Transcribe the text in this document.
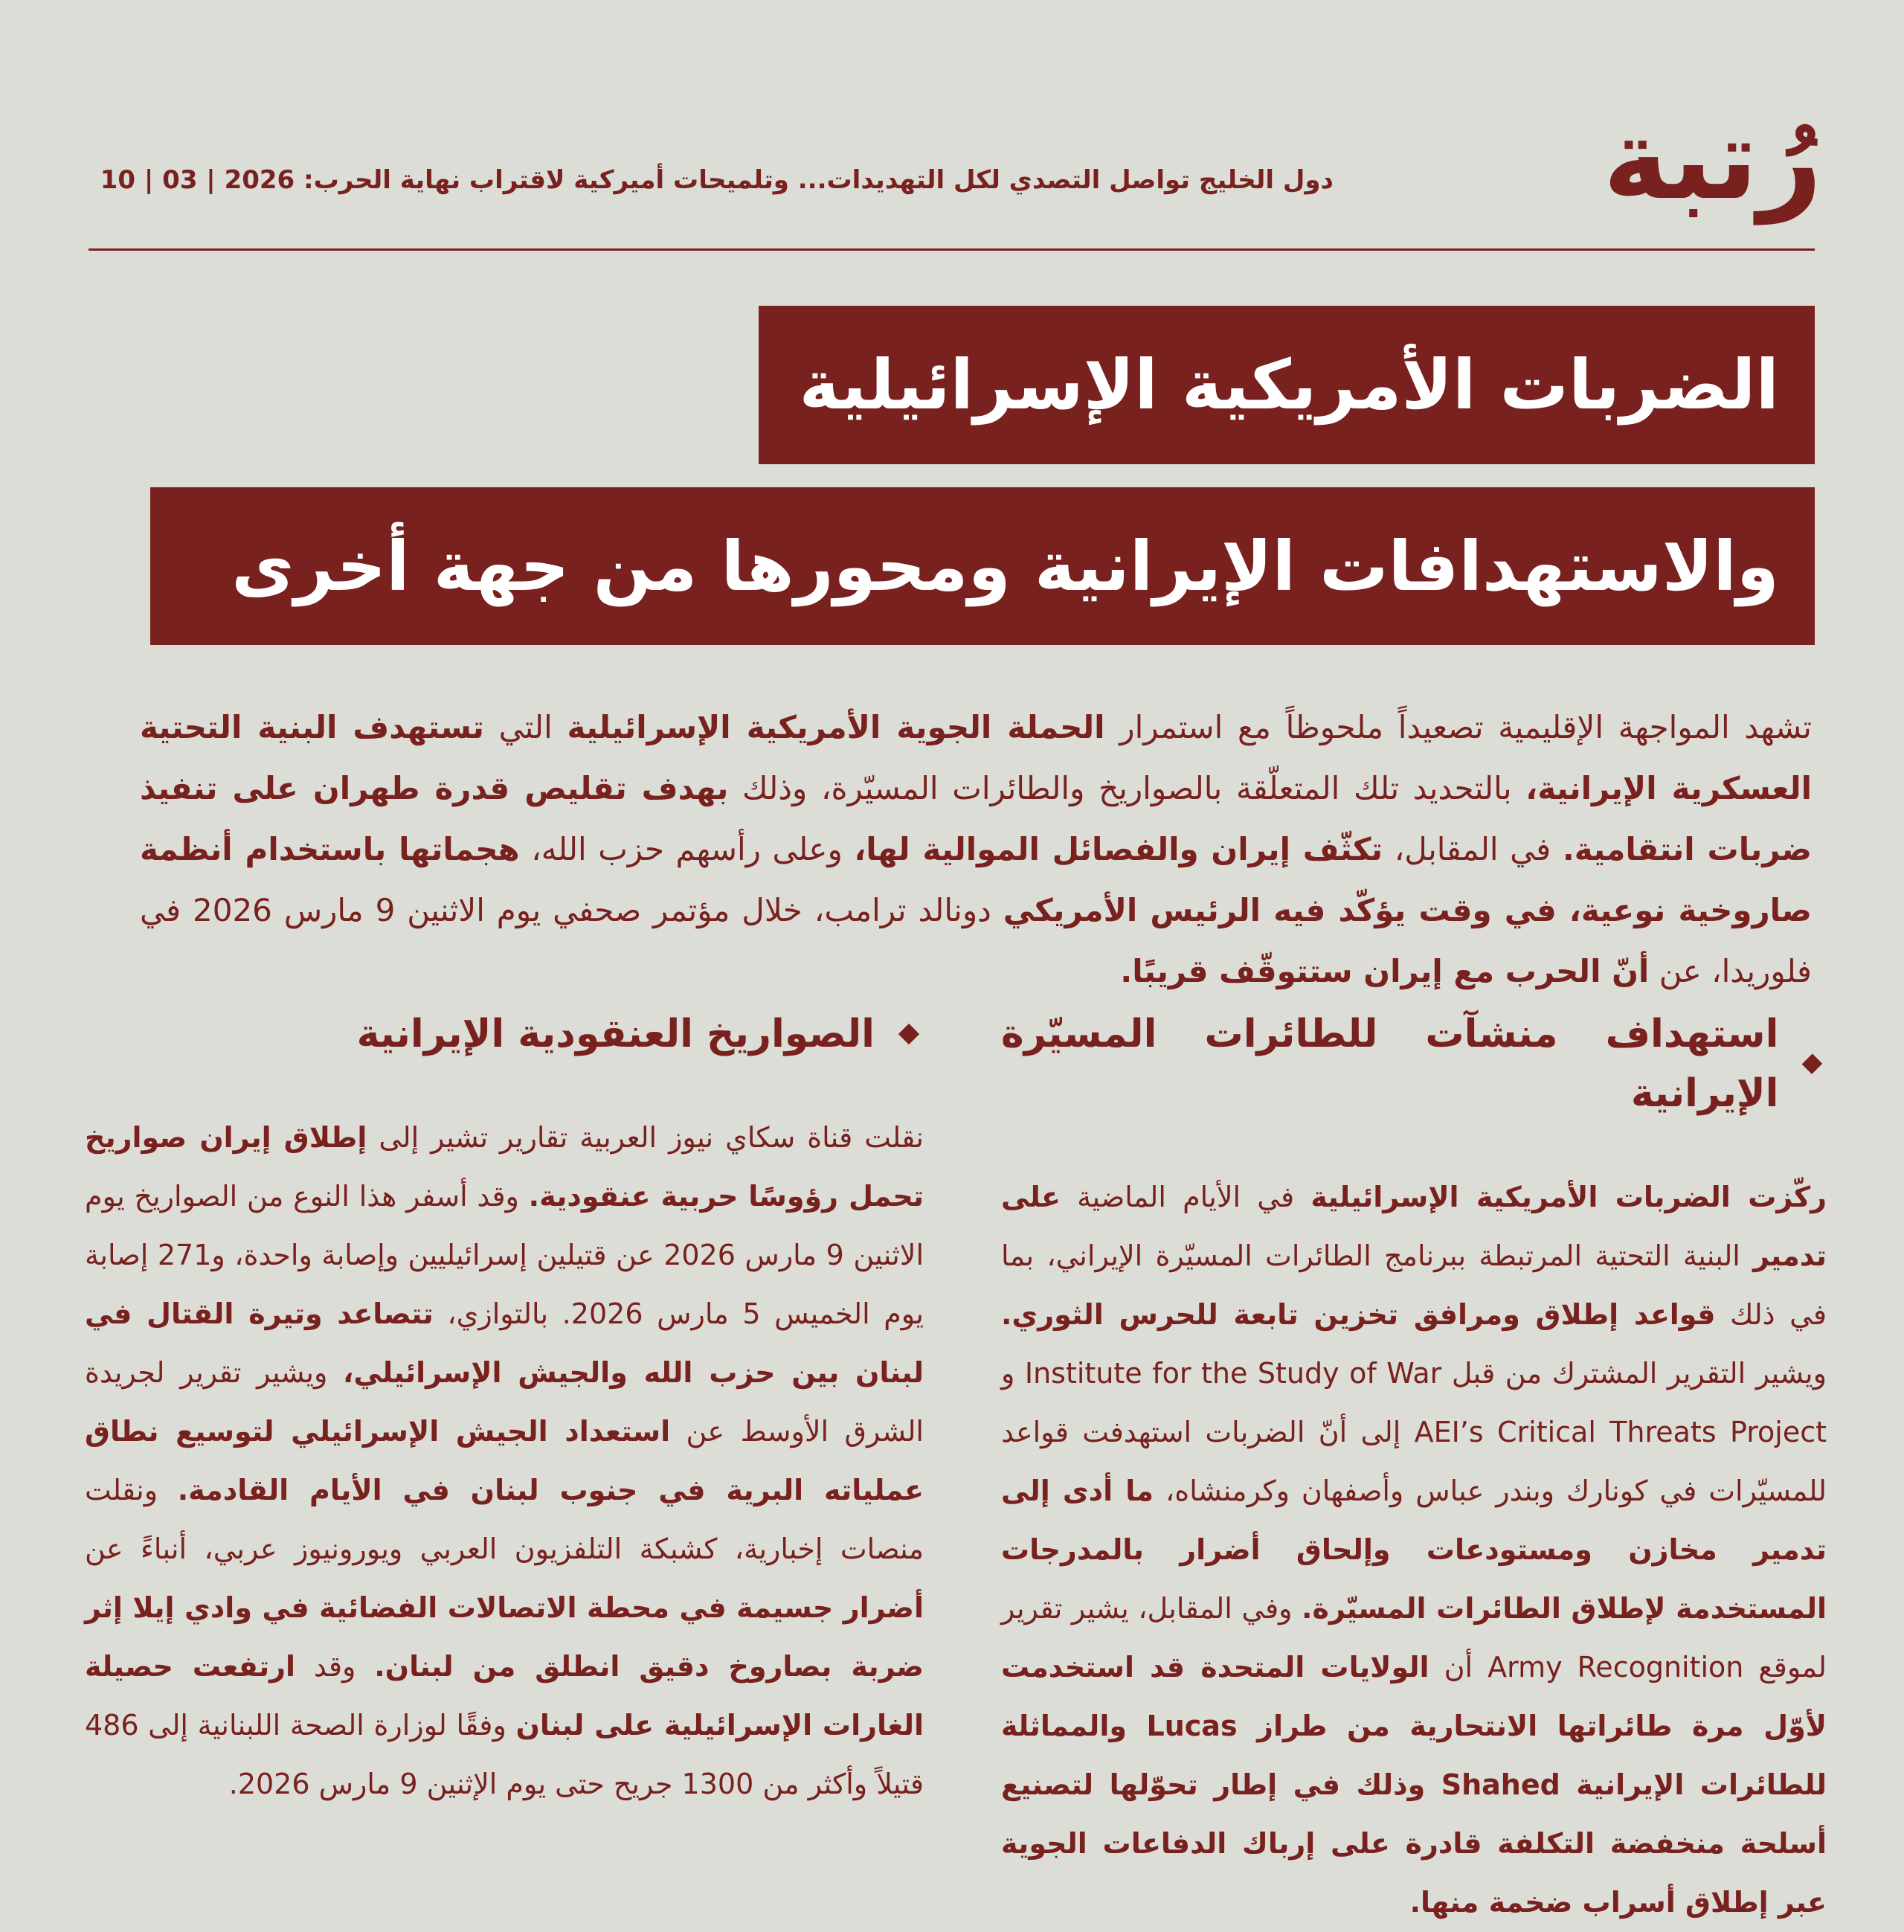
رُتبة
دول الخليج تواصل التصدي لكل التهديدات... وتلميحات أميركية لاقتراب نهاية الحرب: 10 | 03 | 2026
الضربات الأمريكية الإسرائيلية
والاستهدافات الإيرانية ومحورها من جهة أخرى

تشهد المواجهة الإقليمية تصعيداً ملحوظاً مع استمرار الحملة الجوية الأمريكية الإسرائيلية التي تستهدف البنية التحتية العسكرية الإيرانية، بالتحديد تلك المتعلّقة بالصواريخ والطائرات المسيّرة، وذلك بهدف تقليص قدرة طهران على تنفيذ ضربات انتقامية. في المقابل، تكثّف إيران والفصائل الموالية لها، وعلى رأسهم حزب الله، هجماتها باستخدام أنظمة صاروخية نوعية، في وقت يؤكّد فيه الرئيس الأمريكي دونالد ترامب، خلال مؤتمر صحفي يوم الاثنين 9 مارس 2026 في فلوريدا، عن أنّ الحرب مع إيران ستتوقّف قريبًا.

استهداف منشآت للطائرات المسيّرة الإيرانية
ركّزت الضربات الأمريكية الإسرائيلية في الأيام الماضية على تدمير البنية التحتية المرتبطة ببرنامج الطائرات المسيّرة الإيراني، بما في ذلك قواعد إطلاق ومرافق تخزين تابعة للحرس الثوري. ويشير التقرير المشترك من قبل Institute for the Study of War و AEI’s Critical Threats Project إلى أنّ الضربات استهدفت قواعد للمسيّرات في كونارك وبندر عباس وأصفهان وكرمنشاه، ما أدى إلى تدمير مخازن ومستودعات وإلحاق أضرار بالمدرجات المستخدمة لإطلاق الطائرات المسيّرة. وفي المقابل، يشير تقرير لموقع Army Recognition أن الولايات المتحدة قد استخدمت لأوّل مرة طائراتها الانتحارية من طراز Lucas والمماثلة للطائرات الإيرانية Shahed وذلك في إطار تحوّلها لتصنيع أسلحة منخفضة التكلفة قادرة على إرباك الدفاعات الجوية عبر إطلاق أسراب ضخمة منها.
الصواريخ العنقودية الإيرانية
نقلت قناة سكاي نيوز العربية تقارير تشير إلى إطلاق إيران صواريخ تحمل رؤوسًا حربية عنقودية. وقد أسفر هذا النوع من الصواريخ يوم الاثنين 9 مارس 2026 عن قتيلين إسرائيليين وإصابة واحدة، و271 إصابة يوم الخميس 5 مارس 2026. بالتوازي، تتصاعد وتيرة القتال في لبنان بين حزب الله والجيش الإسرائيلي، ويشير تقرير لجريدة الشرق الأوسط عن استعداد الجيش الإسرائيلي لتوسيع نطاق عملياته البرية في جنوب لبنان في الأيام القادمة. ونقلت منصات إخبارية، كشبكة التلفزيون العربي ويورونيوز عربي، أنباءً عن أضرار جسيمة في محطة الاتصالات الفضائية في وادي إيلا إثر ضربة بصاروخ دقيق انطلق من لبنان. وقد ارتفعت حصيلة الغارات الإسرائيلية على لبنان وفقًا لوزارة الصحة اللبنانية إلى 486 قتيلاً وأكثر من 1300 جريح حتى يوم الإثنين 9 مارس 2026.
